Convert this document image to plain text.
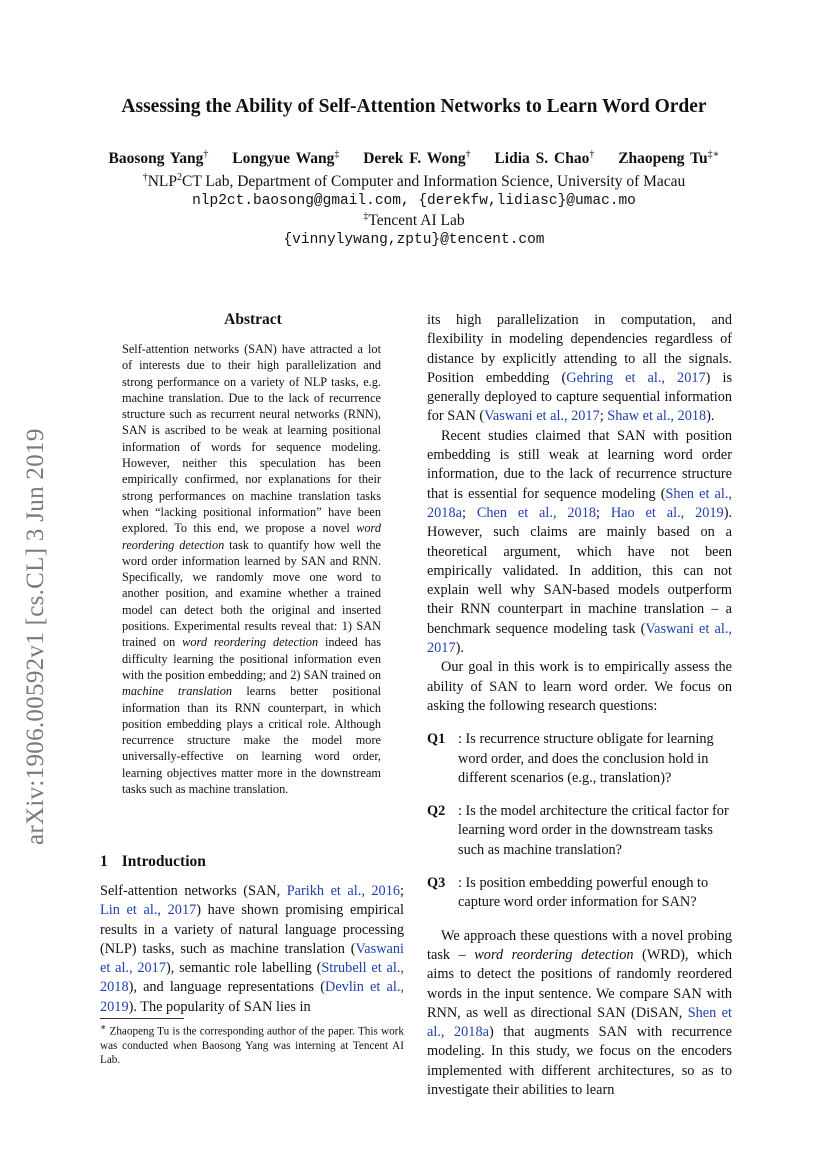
Assessing the Ability of Self-Attention Networks to Learn Word Order
Baosong Yang† Longyue Wang‡ Derek F. Wong† Lidia S. Chao† Zhaopeng Tu‡∗
†NLP$^2$CT Lab, Department of Computer and Information Science, University of Macau
nlp2ct.baosong@gmail.com, {derekfw,lidiasc}@umac.mo
‡Tencent AI Lab
{vinnylywang,zptu}@tencent.com
arXiv:1906.00592v1 [cs.CL] 3 Jun 2019
Abstract
Self-attention networks (SAN) have attracted a lot of interests due to their high parallelization and strong performance on a variety of NLP tasks, e.g. machine translation. Due to the lack of recurrence structure such as recurrent neural networks (RNN), SAN is ascribed to be weak at learning positional information of words for sequence modeling. However, neither this speculation has been empirically confirmed, nor explanations for their strong performances on machine translation tasks when “lacking positional information” have been explored. To this end, we propose a novel word reordering detection task to quantify how well the word order information learned by SAN and RNN. Specifically, we randomly move one word to another position, and examine whether a trained model can detect both the original and inserted positions. Experimental results reveal that: 1) SAN trained on word reordering detection indeed has difficulty learning the positional information even with the position embedding; and 2) SAN trained on machine translation learns better positional information than its RNN counterpart, in which position embedding plays a critical role. Although recurrence structure make the model more universally-effective on learning word order, learning objectives matter more in the downstream tasks such as machine translation.
1 Introduction
Self-attention networks (SAN, Parikh et al., 2016; Lin et al., 2017) have shown promising empirical results in a variety of natural language processing (NLP) tasks, such as machine translation (Vaswani et al., 2017), semantic role labelling (Strubell et al., 2018), and language representations (Devlin et al., 2019). The popularity of SAN lies in
∗ Zhaopeng Tu is the corresponding author of the paper. This work was conducted when Baosong Yang was interning at Tencent AI Lab.

its high parallelization in computation, and flexibility in modeling dependencies regardless of distance by explicitly attending to all the signals. Position embedding (Gehring et al., 2017) is generally deployed to capture sequential information for SAN (Vaswani et al., 2017; Shaw et al., 2018).

Recent studies claimed that SAN with position embedding is still weak at learning word order information, due to the lack of recurrence structure that is essential for sequence modeling (Shen et al., 2018a; Chen et al., 2018; Hao et al., 2019). However, such claims are mainly based on a theoretical argument, which have not been empirically validated. In addition, this can not explain well why SAN-based models outperform their RNN counterpart in machine translation – a benchmark sequence modeling task (Vaswani et al., 2017).

Our goal in this work is to empirically assess the ability of SAN to learn word order. We focus on asking the following research questions:

Q1 : Is recurrence structure obligate for learning word order, and does the conclusion hold in different scenarios (e.g., translation)?
Q2 : Is the model architecture the critical factor for learning word order in the downstream tasks such as machine translation?
Q3 : Is position embedding powerful enough to capture word order information for SAN?

We approach these questions with a novel probing task – word reordering detection (WRD), which aims to detect the positions of randomly reordered words in the input sentence. We compare SAN with RNN, as well as directional SAN (DiSAN, Shen et al., 2018a) that augments SAN with recurrence modeling. In this study, we focus on the encoders implemented with different architectures, so as to investigate their abilities to learn
